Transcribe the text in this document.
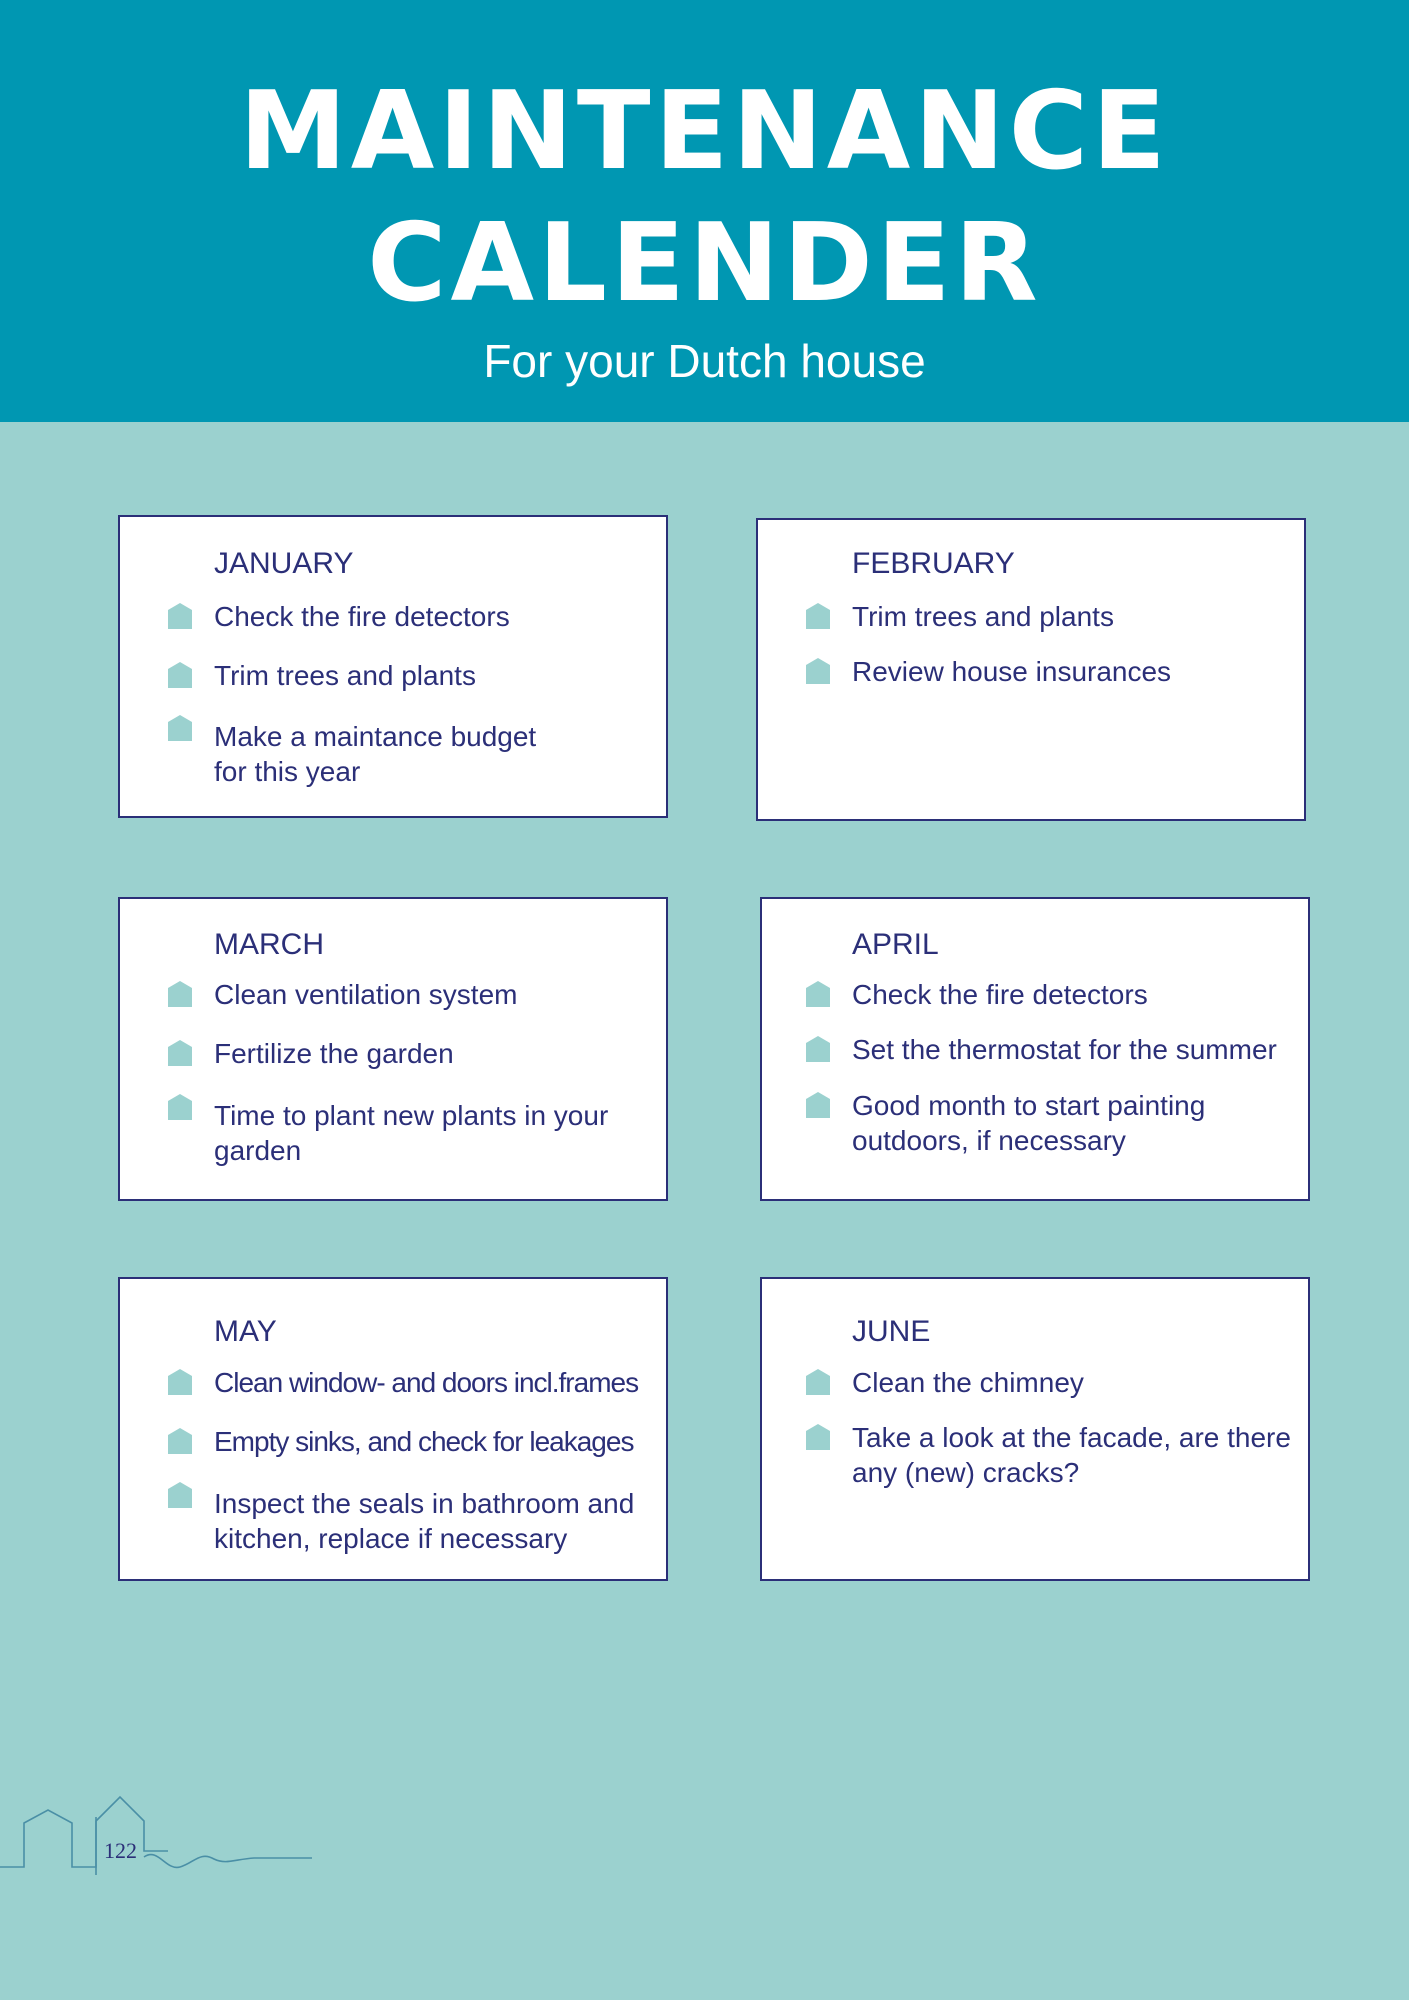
MAINTENANCE
CALENDER
For your Dutch house
JANUARY
Check the fire detectors
Trim trees and plants
Make a maintance budget for this year
FEBRUARY
Trim trees and plants
Review house insurances
MARCH
Clean ventilation system
Fertilize the garden
Time to plant new plants in your garden
APRIL
Check the fire detectors
Set the thermostat for the summer
Good month to start painting outdoors, if necessary
MAY
Clean window- and doors incl.frames
Empty sinks, and check for leakages
Inspect the seals in bathroom and kitchen, replace if necessary
JUNE
Clean the chimney
Take a look at the facade, are there any (new) cracks?
122
